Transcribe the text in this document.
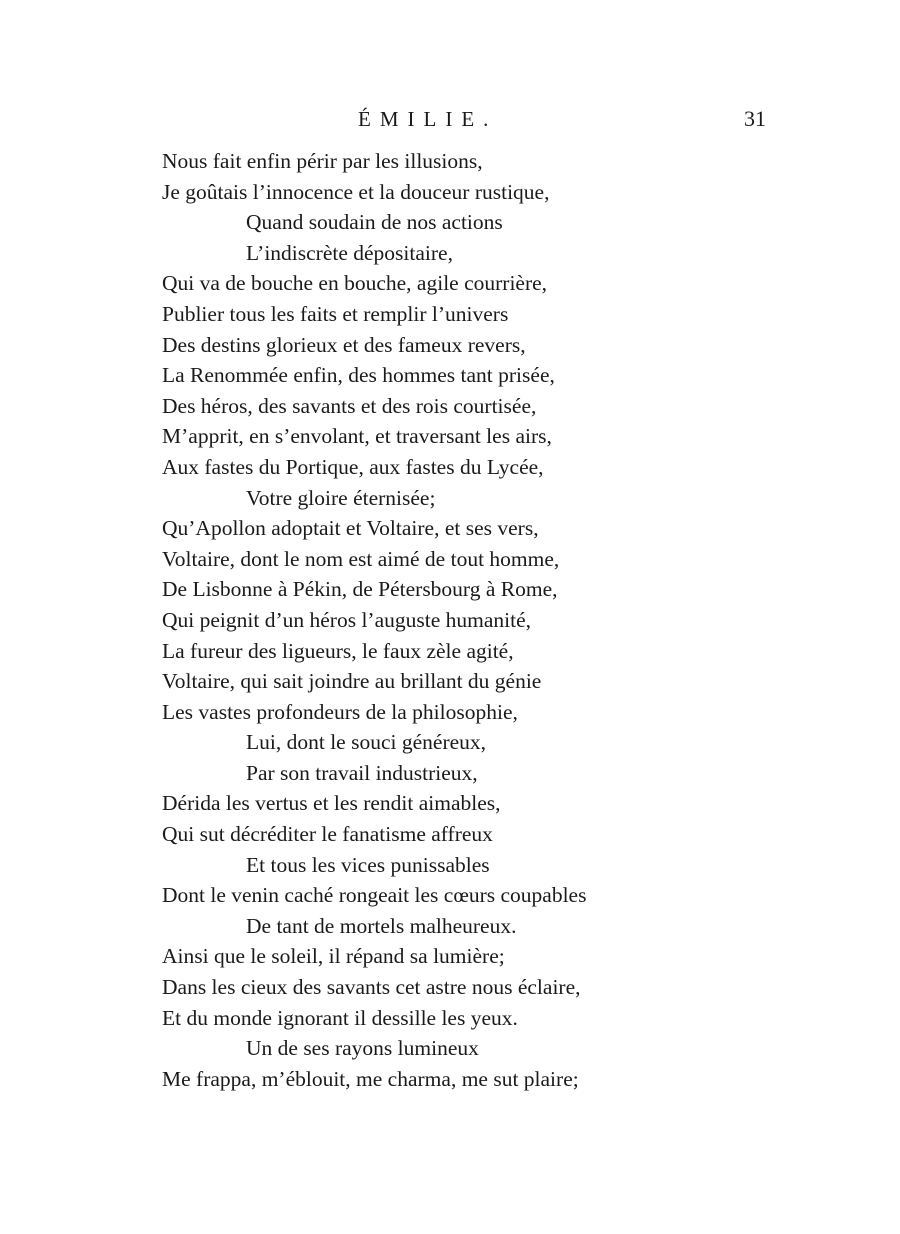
ÉMILIE.	31
Nous fait enfin périr par les illusions,
Je goûtais l’innocence et la douceur rustique,
Quand soudain de nos actions
L’indiscrète dépositaire,
Qui va de bouche en bouche, agile courrière,
Publier tous les faits et remplir l’univers
Des destins glorieux et des fameux revers,
La Renommée enfin, des hommes tant prisée,
Des héros, des savants et des rois courtisée,
M’apprit, en s’envolant, et traversant les airs,
Aux fastes du Portique, aux fastes du Lycée,
Votre gloire éternisée;
Qu’Apollon adoptait et Voltaire, et ses vers,
Voltaire, dont le nom est aimé de tout homme,
De Lisbonne à Pékin, de Pétersbourg à Rome,
Qui peignit d’un héros l’auguste humanité,
La fureur des ligueurs, le faux zèle agité,
Voltaire, qui sait joindre au brillant du génie
Les vastes profondeurs de la philosophie,
Lui, dont le souci généreux,
Par son travail industrieux,
Dérida les vertus et les rendit aimables,
Qui sut décréditer le fanatisme affreux
Et tous les vices punissables
Dont le venin caché rongeait les cœurs coupables
De tant de mortels malheureux.
Ainsi que le soleil, il répand sa lumière;
Dans les cieux des savants cet astre nous éclaire,
Et du monde ignorant il dessille les yeux.
Un de ses rayons lumineux
Me frappa, m’éblouit, me charma, me sut plaire;
